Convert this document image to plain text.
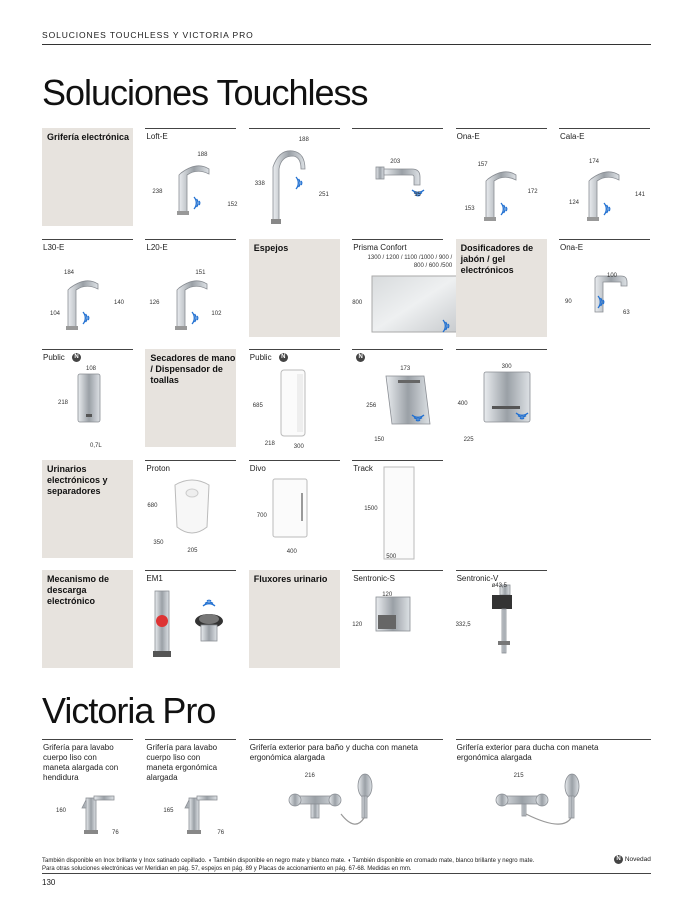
SOLUCIONES TOUCHLESS Y VICTORIA PRO
Soluciones Touchless
Grifería electrónica Loft-E
188
238
152
188
338
251
203
95
Ona-E
157
172
153
Cala-E
174
141
124
L30-E
184
140
104
L20-E
151
126
102
Espejos	Prisma Confort
1300 / 1200 / 1100 /1000 / 900 / 800 / 600 /500
800
Dosificadores de jabón / gel electrónicos
Ona-E
100
90
63
Public	N
108
218
0,7L
Secadores de mano / Dispensador de toallas
Public	N
685
218	300
N
173
256
150
300
400
225
Urinarios electrónicos y separadores
Proton
680
350
205
Divo
700
400
Track
1500
500
Mecanismo de descarga electrónico
EM1	Fluxores urinario	Sentronic-S
120
120
Sentronic-V
ø43,5
332,5
Victoria Pro
Grifería para lavabo cuerpo liso con maneta alargada con hendidura
160
76
Grifería para lavabo cuerpo liso con maneta ergonómica alargada
165
76
Grifería exterior para baño y ducha con maneta ergonómica alargada
216
Grifería exterior para ducha con maneta ergonómica alargada
215
También disponible en Inox brillante y Inox satinado cepillado. ◖ También disponible en negro mate y blanco mate. ◖ También disponible en cromado mate, blanco brillante y negro mate.
Para otras soluciones electrónicas ver Meridian en pág. 57, espejos en pág. 89 y Placas de accionamiento en pág. 67-68. Medidas en mm.
N Novedad
130
